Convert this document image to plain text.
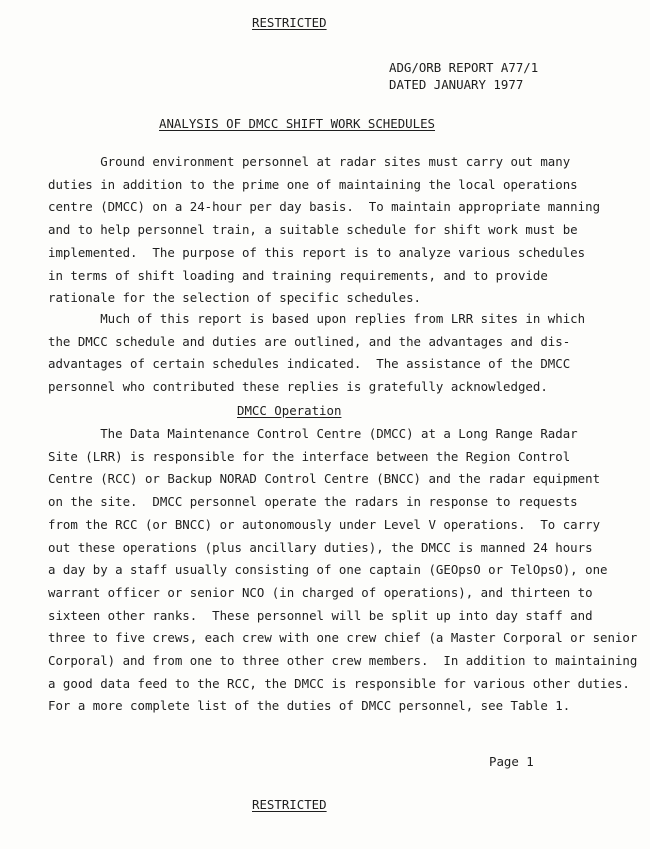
RESTRICTED
ADG/ORB REPORT A77/1
DATED JANUARY 1977
ANALYSIS OF DMCC SHIFT WORK SCHEDULES
Ground environment personnel at radar sites must carry out many
duties in addition to the prime one of maintaining the local operations
centre (DMCC) on a 24-hour per day basis.  To maintain appropriate manning
and to help personnel train, a suitable schedule for shift work must be
implemented.  The purpose of this report is to analyze various schedules
in terms of shift loading and training requirements, and to provide
rationale for the selection of specific schedules.
Much of this report is based upon replies from LRR sites in which
the DMCC schedule and duties are outlined, and the advantages and dis-
advantages of certain schedules indicated.  The assistance of the DMCC
personnel who contributed these replies is gratefully acknowledged.
DMCC Operation
The Data Maintenance Control Centre (DMCC) at a Long Range Radar
Site (LRR) is responsible for the interface between the Region Control
Centre (RCC) or Backup NORAD Control Centre (BNCC) and the radar equipment
on the site.  DMCC personnel operate the radars in response to requests
from the RCC (or BNCC) or autonomously under Level V operations.  To carry
out these operations (plus ancillary duties), the DMCC is manned 24 hours
a day by a staff usually consisting of one captain (GEOpsO or TelOpsO), one
warrant officer or senior NCO (in charged of operations), and thirteen to
sixteen other ranks.  These personnel will be split up into day staff and
three to five crews, each crew with one crew chief (a Master Corporal or senior
Corporal) and from one to three other crew members.  In addition to maintaining
a good data feed to the RCC, the DMCC is responsible for various other duties.
For a more complete list of the duties of DMCC personnel, see Table 1.
Page 1
RESTRICTED
